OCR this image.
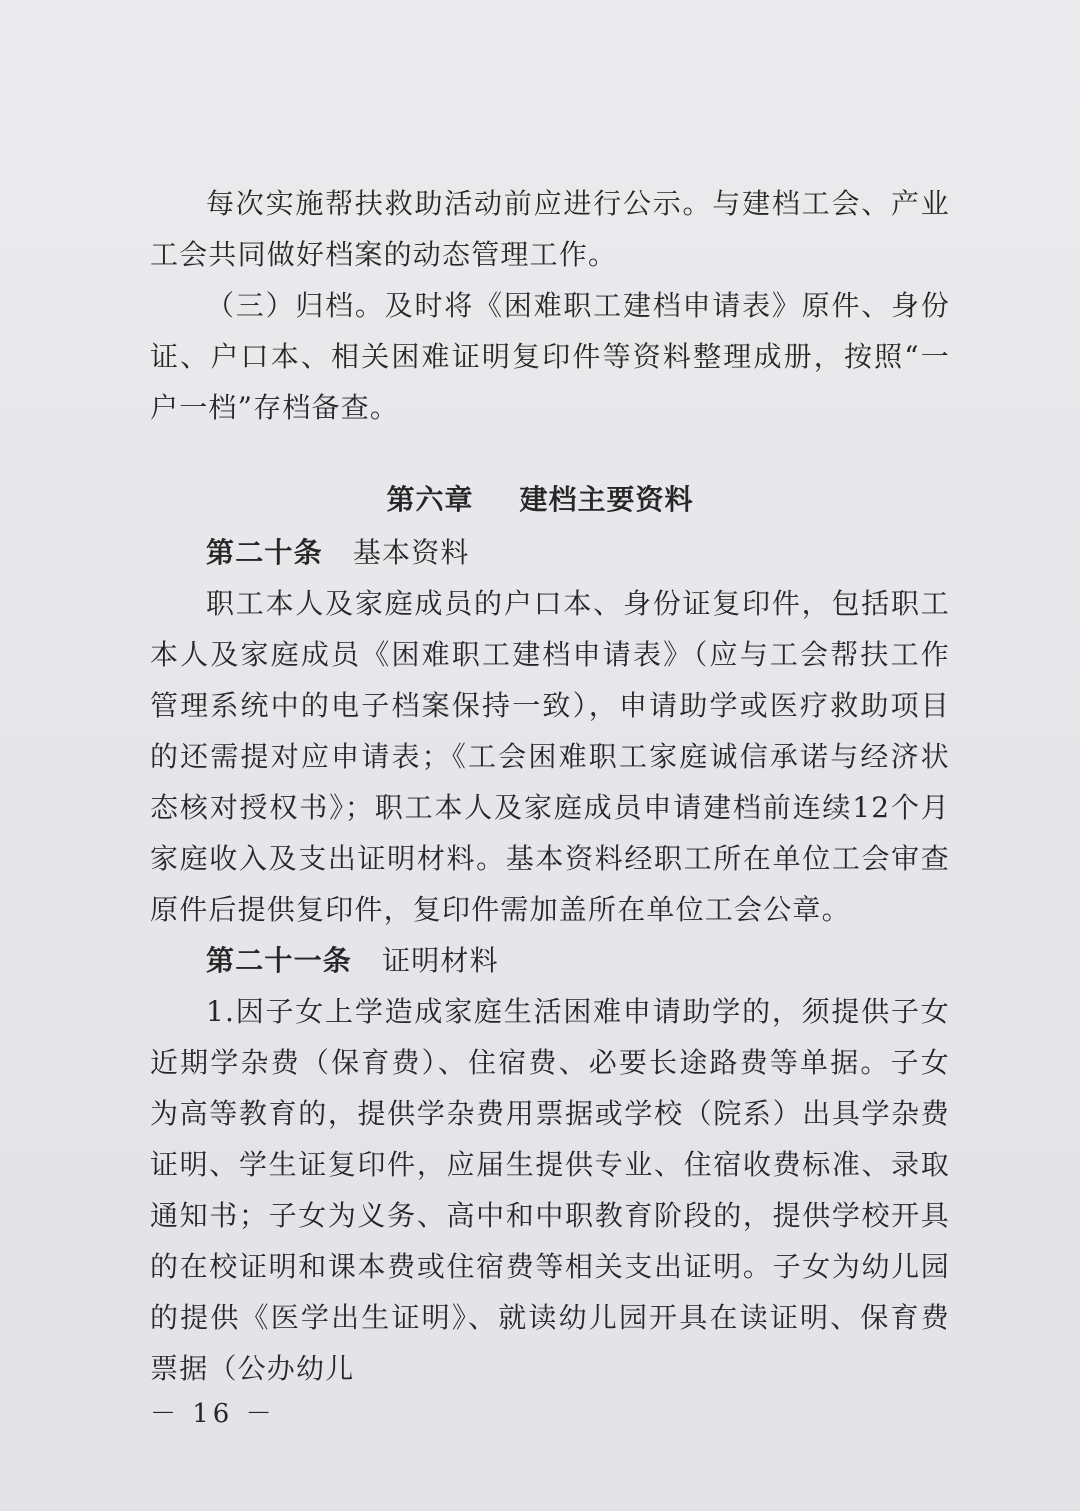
每次实施帮扶救助活动前应进行公示。与建档工会、产业工会共同做好档案的动态管理工作。

（三）归档。及时将《困难职工建档申请表》原件、身份证、户口本、相关困难证明复印件等资料整理成册，按照“一户一档”存档备查。

第六章 建档主要资料

第二十条 基本资料

职工本人及家庭成员的户口本、身份证复印件，包括职工本人及家庭成员《困难职工建档申请表》（应与工会帮扶工作管理系统中的电子档案保持一致），申请助学或医疗救助项目的还需提对应申请表；《工会困难职工家庭诚信承诺与经济状态核对授权书》；职工本人及家庭成员申请建档前连续12个月家庭收入及支出证明材料。基本资料经职工所在单位工会审查原件后提供复印件，复印件需加盖所在单位工会公章。

第二十一条 证明材料

1.因子女上学造成家庭生活困难申请助学的，须提供子女近期学杂费（保育费）、住宿费、必要长途路费等单据。子女为高等教育的，提供学杂费用票据或学校（院系）出具学杂费证明、学生证复印件，应届生提供专业、住宿收费标准、录取通知书；子女为义务、高中和中职教育阶段的，提供学校开具的在校证明和课本费或住宿费等相关支出证明。子女为幼儿园的提供《医学出生证明》、就读幼儿园开具在读证明、保育费票据（公办幼儿

－ 16 －
